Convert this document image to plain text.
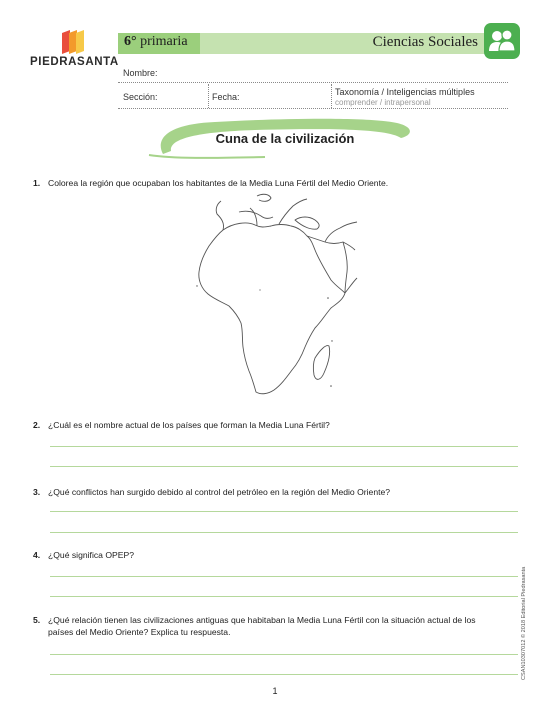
PIEDRASANTA
6° primaria	Ciencias Sociales
Nombre:
Sección:	Fecha:	Taxonomía / Inteligencias múltiples
comprender / intrapersonal
Cuna de la civilización
1. Colorea la región que ocupaban los habitantes de la Media Luna Fértil del Medio Oriente.
2. ¿Cuál es el nombre actual de los países que forman la Media Luna Fértil?
3. ¿Qué conflictos han surgido debido al control del petróleo en la región del Medio Oriente?
4. ¿Qué significa OPEP?
5. ¿Qué relación tienen las civilizaciones antiguas que habitaban la Media Luna Fértil con la situación actual de los
países del Medio Oriente? Explica tu respuesta.	CSAN10307012 © 2018 Editorial Piedrasanta
1
